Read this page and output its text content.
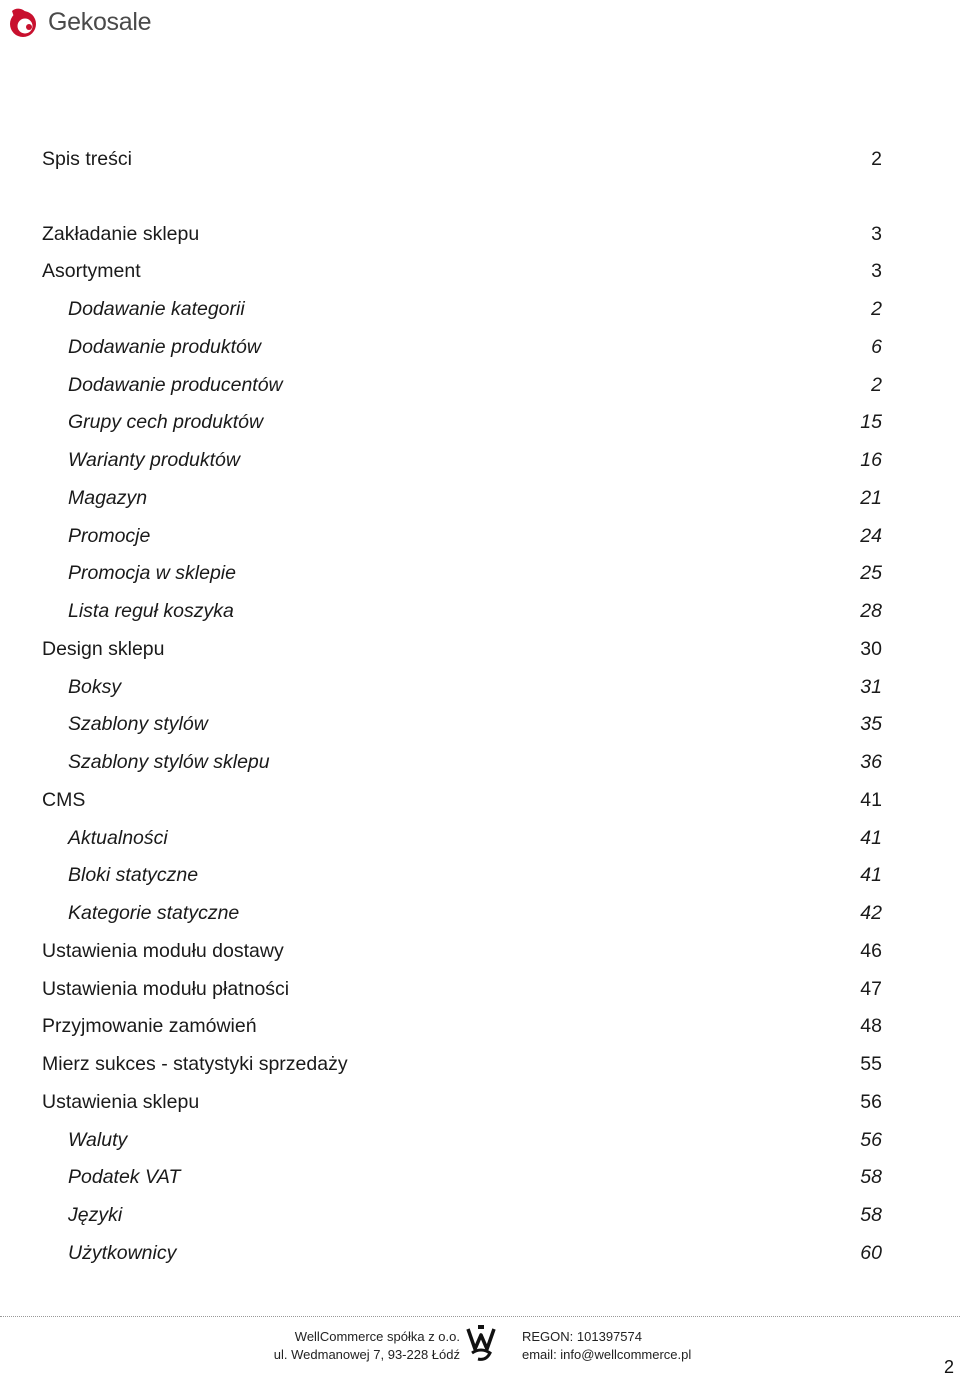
Gekosale
Spis treści	2
Zakładanie sklepu	3
Asortyment	3
Dodawanie kategorii	2
Dodawanie produktów	6
Dodawanie producentów	2
Grupy cech produktów	15
Warianty produktów	16
Magazyn	21
Promocje	24
Promocja w sklepie	25
Lista reguł koszyka	28
Design sklepu	30
Boksy	31
Szablony stylów	35
Szablony stylów sklepu	36
CMS	41
Aktualności	41
Bloki statyczne	41
Kategorie statyczne	42
Ustawienia modułu dostawy	46
Ustawienia modułu płatności	47
Przyjmowanie zamówień	48
Mierz sukces - statystyki sprzedaży	55
Ustawienia sklepu	56
Waluty	56
Podatek VAT	58
Języki	58
Użytkownicy	60
WellCommerce spółka z o.o.
ul. Wedmanowej 7, 93-228 Łódź
REGON: 101397574
email: info@wellcommerce.pl
2
